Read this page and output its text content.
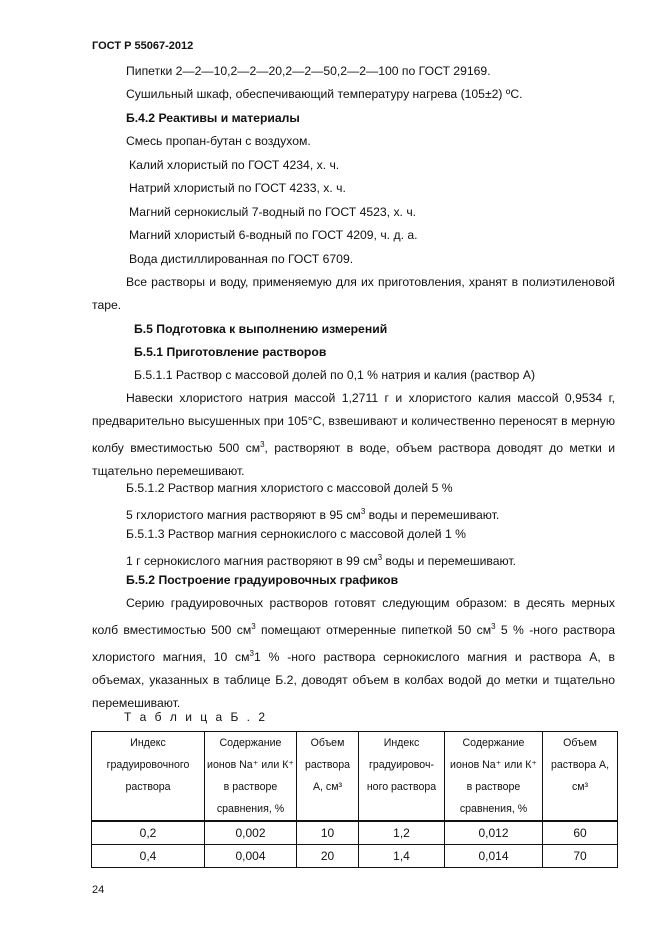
ГОСТ Р 55067-2012
Пипетки 2—2—10,2—2—20,2—2—50,2—2—100 по ГОСТ 29169.
Сушильный шкаф, обеспечивающий температуру нагрева (105±2) ºС.
Б.4.2 Реактивы и материалы
Смесь пропан-бутан с воздухом.
Калий хлористый по ГОСТ 4234, х. ч.
Натрий хлористый по ГОСТ 4233, х. ч.
Магний сернокислый 7-водный по ГОСТ 4523, х. ч.
Магний хлористый 6-водный по ГОСТ 4209, ч. д. а.
Вода дистиллированная по ГОСТ 6709.
Все растворы и воду, применяемую для их приготовления, хранят в полиэтиленовой таре.
Б.5 Подготовка к выполнению измерений
Б.5.1 Приготовление растворов
Б.5.1.1 Раствор с массовой долей по 0,1 % натрия и калия (раствор А)
Навески хлористого натрия массой 1,2711 г и хлористого калия массой 0,9534 г, предварительно высушенных при 105°С, взвешивают и количественно переносят в мерную колбу вместимостью 500 $см^3$, растворяют в воде, объем раствора доводят до метки и тщательно перемешивают.
Б.5.1.2 Раствор магния хлористого с массовой долей 5 %
5 гхлористого магния растворяют в 95 $см^3$ воды и перемешивают.
Б.5.1.3 Раствор магния сернокислого с массовой долей 1 %
1 г сернокислого магния растворяют в 99 $см^3$ воды и перемешивают.
Б.5.2 Построение градуировочных графиков
Серию градуировочных растворов готовят следующим образом: в десять мерных колб вместимостью 500 $см^3$ помещают отмеренные пипеткой 50 $см^3$ 5 % -ного раствора хлористого магния, 10 $см^31$ % -ного раствора сернокислого магния и раствора А, в объемах, указанных в таблице Б.2, доводят объем в колбах водой до метки и тщательно перемешивают.
Т а б л и ц а Б . 2
Индекс градуировочного раствора	Содержание ионов Na⁺ или К⁺ в растворе сравнения, %	Объем раствора А, см³	Индекс градуировоч- ного раствора	Содержание ионов Na⁺ или К⁺ в растворе сравнения, %	Объем раствора А, см³
0,2	0,002	10	1,2	0,012	60
0,4	0,004	20	1,4	0,014	70
24
